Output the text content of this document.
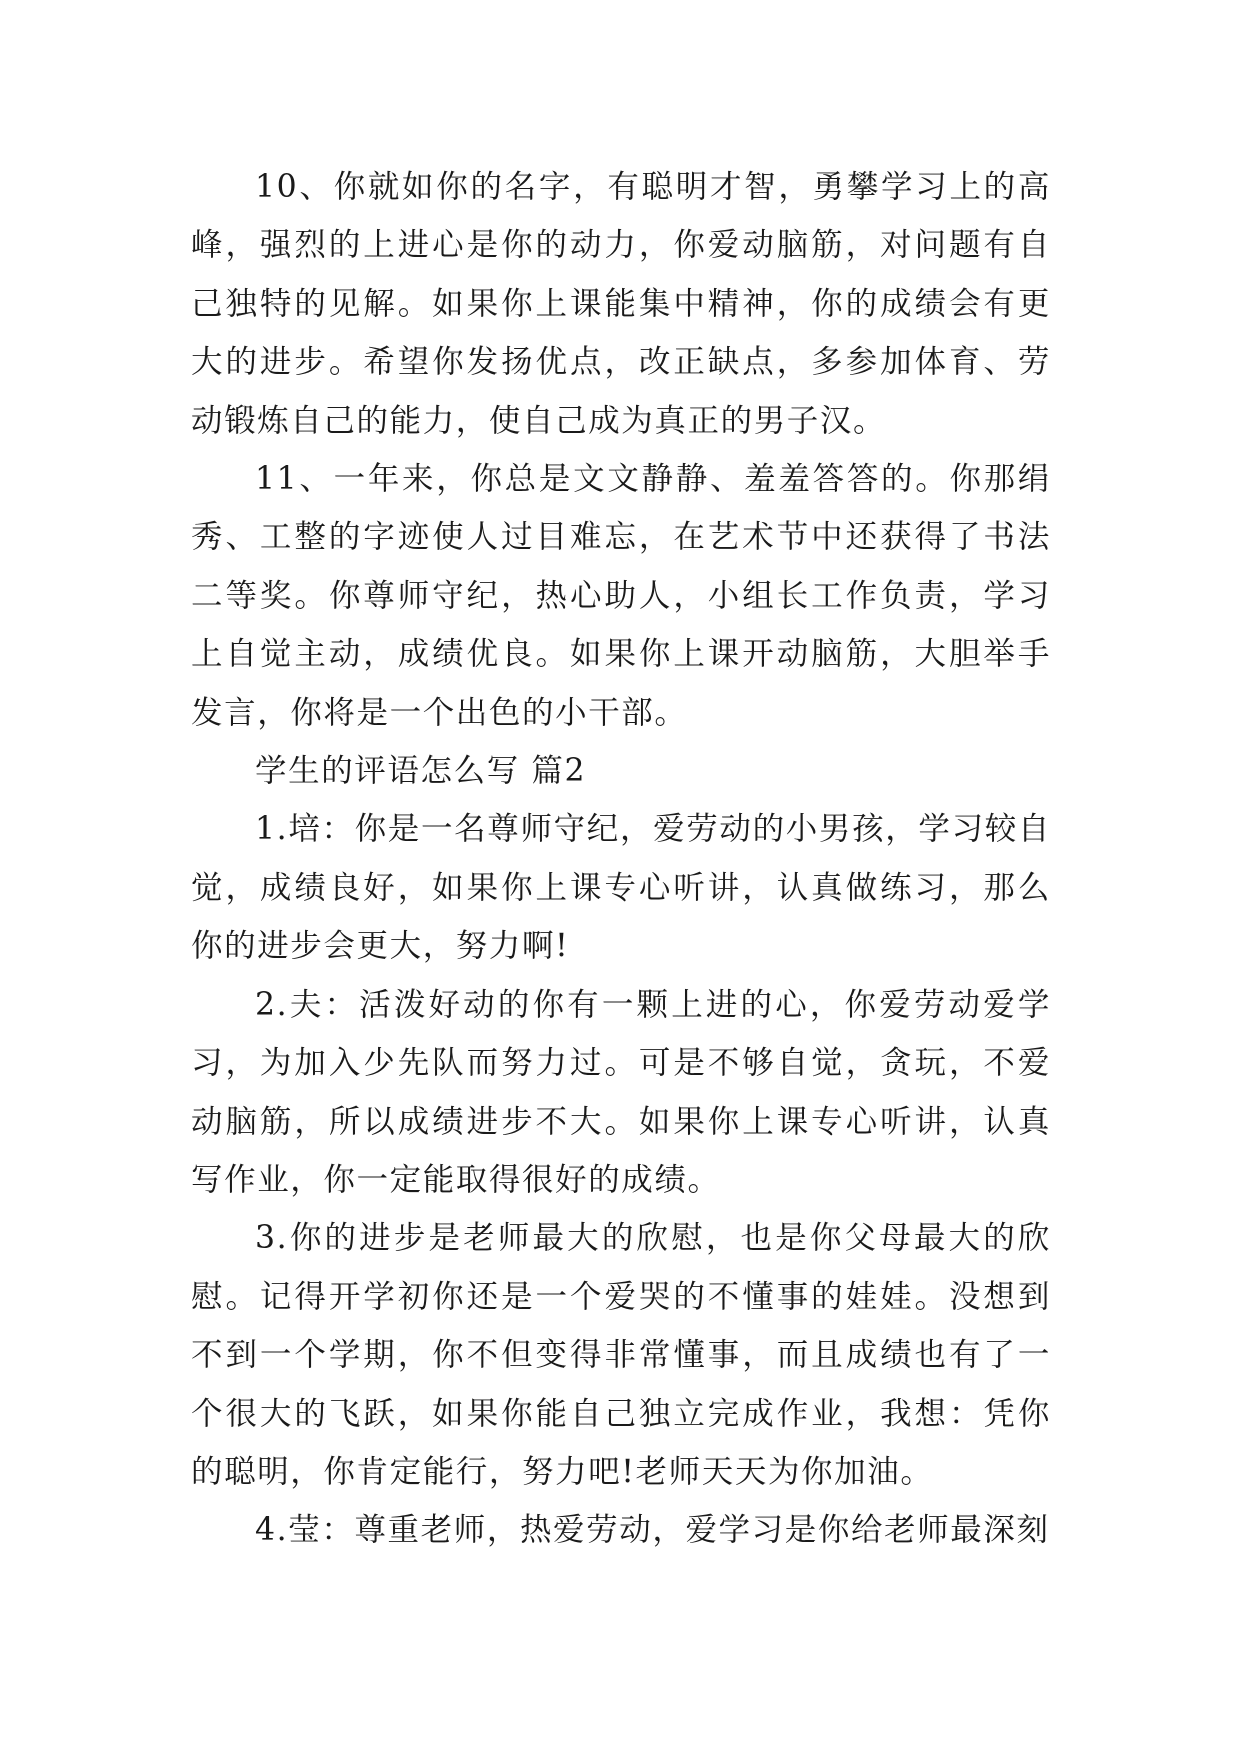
10、你就如你的名字，有聪明才智，勇攀学习上的高峰，强烈的上进心是你的动力，你爱动脑筋，对问题有自己独特的见解。如果你上课能集中精神，你的成绩会有更大的进步。希望你发扬优点，改正缺点，多参加体育、劳动锻炼自己的能力，使自己成为真正的男子汉。

11、一年来，你总是文文静静、羞羞答答的。你那绢秀、工整的字迹使人过目难忘，在艺术节中还获得了书法二等奖。你尊师守纪，热心助人，小组长工作负责，学习上自觉主动，成绩优良。如果你上课开动脑筋，大胆举手发言，你将是一个出色的小干部。

学生的评语怎么写 篇2

1.培：你是一名尊师守纪，爱劳动的小男孩，学习较自觉，成绩良好，如果你上课专心听讲，认真做练习，那么你的进步会更大，努力啊!

2.夫：活泼好动的你有一颗上进的心，你爱劳动爱学习，为加入少先队而努力过。可是不够自觉，贪玩，不爱动脑筋，所以成绩进步不大。如果你上课专心听讲，认真写作业，你一定能取得很好的成绩。

3.你的进步是老师最大的欣慰，也是你父母最大的欣慰。记得开学初你还是一个爱哭的不懂事的娃娃。没想到不到一个学期，你不但变得非常懂事，而且成绩也有了一个很大的飞跃，如果你能自己独立完成作业，我想：凭你的聪明，你肯定能行，努力吧!老师天天为你加油。

4.莹：尊重老师，热爱劳动，爱学习是你给老师最深刻
